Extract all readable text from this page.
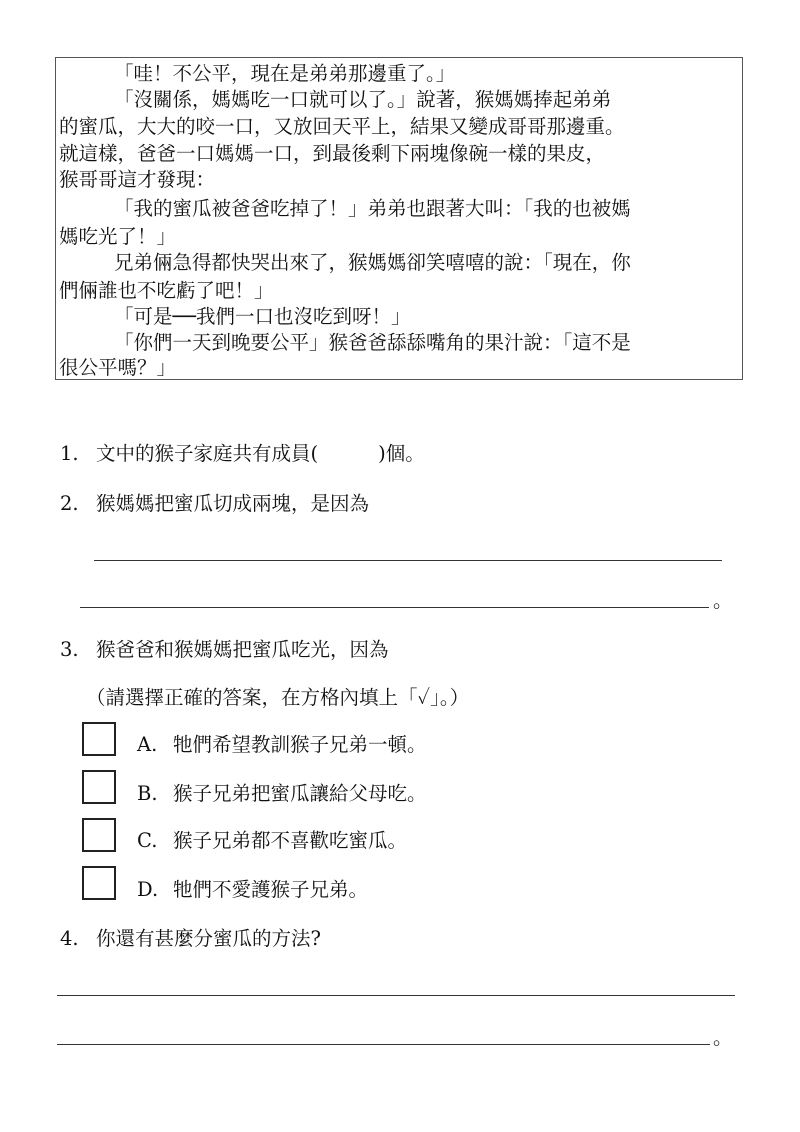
「哇！不公平，現在是弟弟那邊重了。」
「沒關係，媽媽吃一口就可以了。」說著，猴媽媽捧起弟弟
的蜜瓜，大大的咬一口，又放回天平上，結果又變成哥哥那邊重。
就這樣，爸爸一口媽媽一口，到最後剩下兩塊像碗一樣的果皮，
猴哥哥這才發現：
「我的蜜瓜被爸爸吃掉了！」弟弟也跟著大叫：「我的也被媽
媽吃光了！」
兄弟倆急得都快哭出來了，猴媽媽卻笑嘻嘻的說：「現在，你
們倆誰也不吃虧了吧！」
「可是──我們一口也沒吃到呀！」
「你們一天到晚要公平」猴爸爸舔舔嘴角的果汁說：「這不是
很公平嗎？」
1. 文中的猴子家庭共有成員(	)個。
2. 猴媽媽把蜜瓜切成兩塊，是因為
。
3. 猴爸爸和猴媽媽把蜜瓜吃光，因為
（請選擇正確的答案，在方格內填上「✓」。）
A. 牠們希望教訓猴子兄弟一頓。
B. 猴子兄弟把蜜瓜讓給父母吃。
C. 猴子兄弟都不喜歡吃蜜瓜。
D. 牠們不愛護猴子兄弟。
4. 你還有甚麼分蜜瓜的方法?
。
